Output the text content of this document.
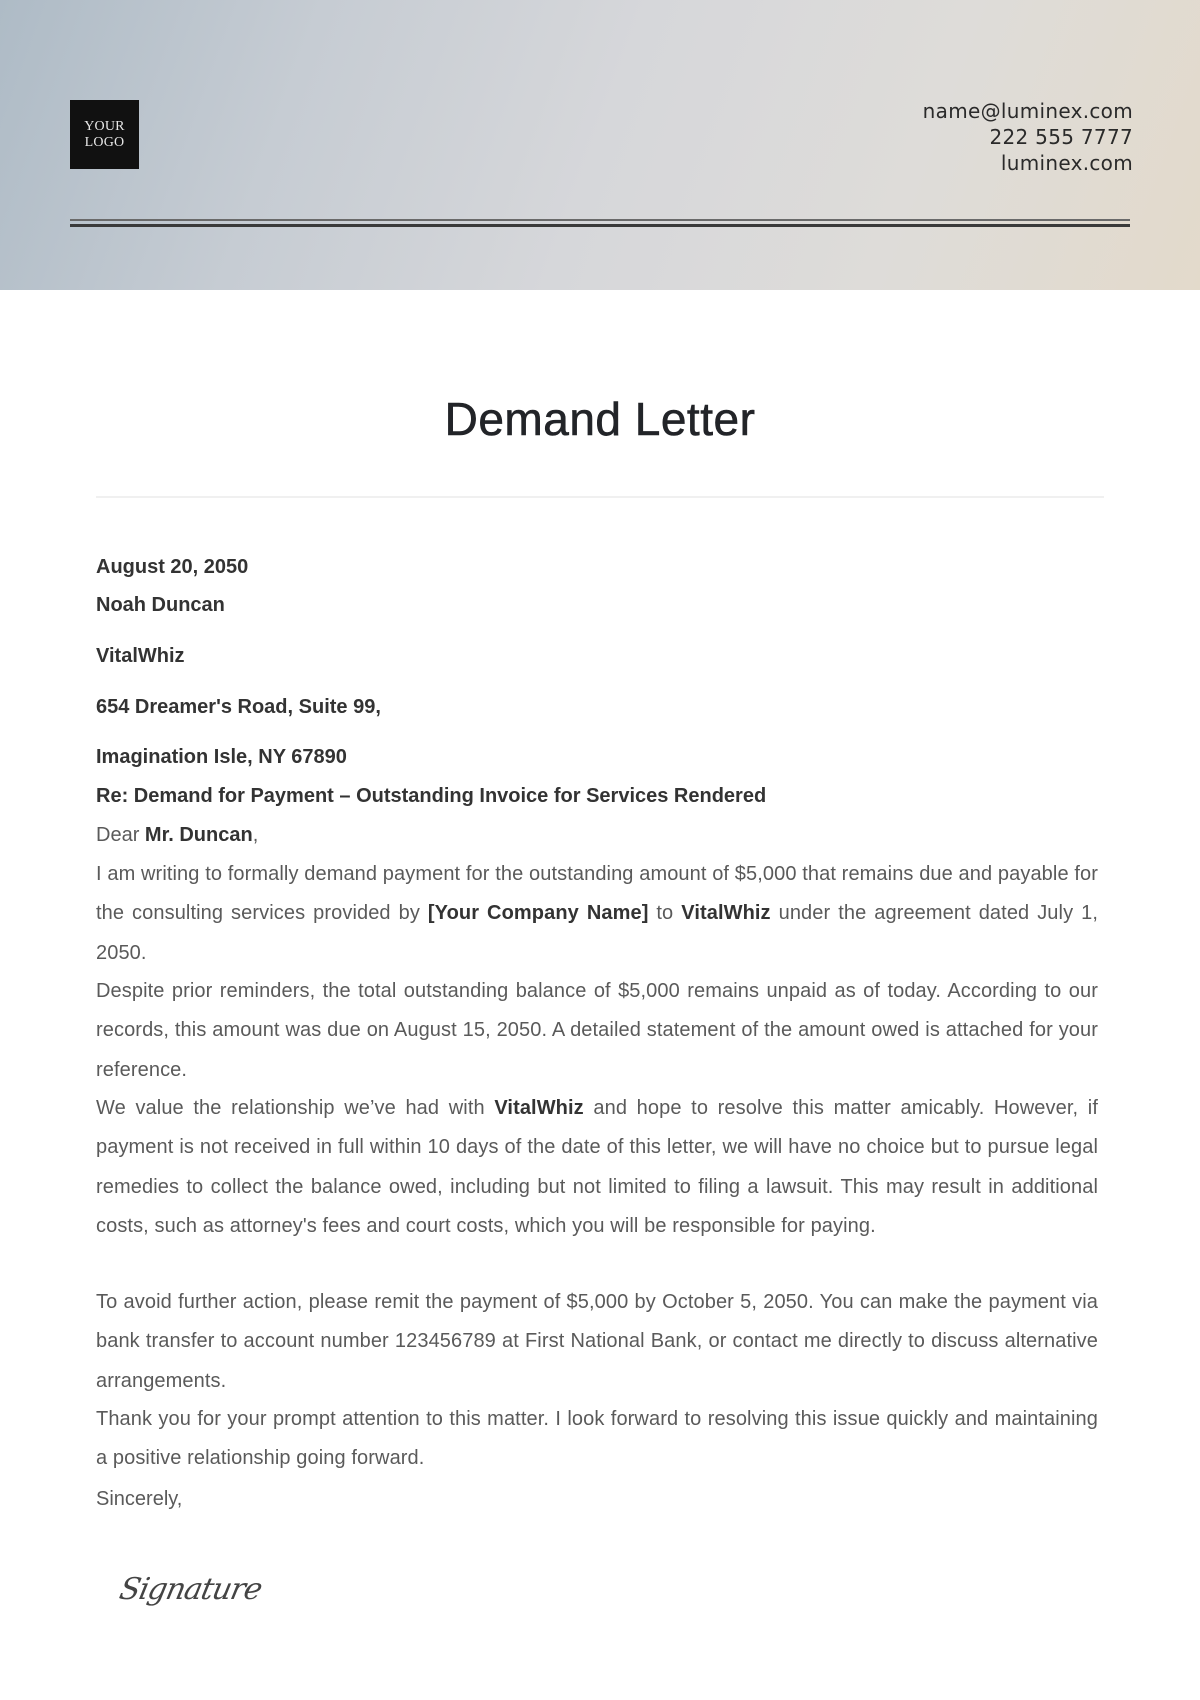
YOUR
LOGO
name@luminex.com
222 555 7777
luminex.com
Demand Letter
August 20, 2050
Noah Duncan
VitalWhiz
654 Dreamer's Road, Suite 99,
Imagination Isle, NY 67890
Re: Demand for Payment – Outstanding Invoice for Services Rendered
Dear Mr. Duncan,
I am writing to formally demand payment for the outstanding amount of $5,000 that remains due and payable for the consulting services provided by [Your Company Name] to VitalWhiz under the agreement dated July 1, 2050.
Despite prior reminders, the total outstanding balance of $5,000 remains unpaid as of today. According to our records, this amount was due on August 15, 2050. A detailed statement of the amount owed is attached for your reference.
We value the relationship we’ve had with VitalWhiz and hope to resolve this matter amicably. However, if payment is not received in full within 10 days of the date of this letter, we will have no choice but to pursue legal remedies to collect the balance owed, including but not limited to filing a lawsuit. This may result in additional costs, such as attorney's fees and court costs, which you will be responsible for paying.
To avoid further action, please remit the payment of $5,000 by October 5, 2050. You can make the payment via bank transfer to account number 123456789 at First National Bank, or contact me directly to discuss alternative arrangements.
Thank you for your prompt attention to this matter. I look forward to resolving this issue quickly and maintaining a positive relationship going forward.
Sincerely,
Signature
